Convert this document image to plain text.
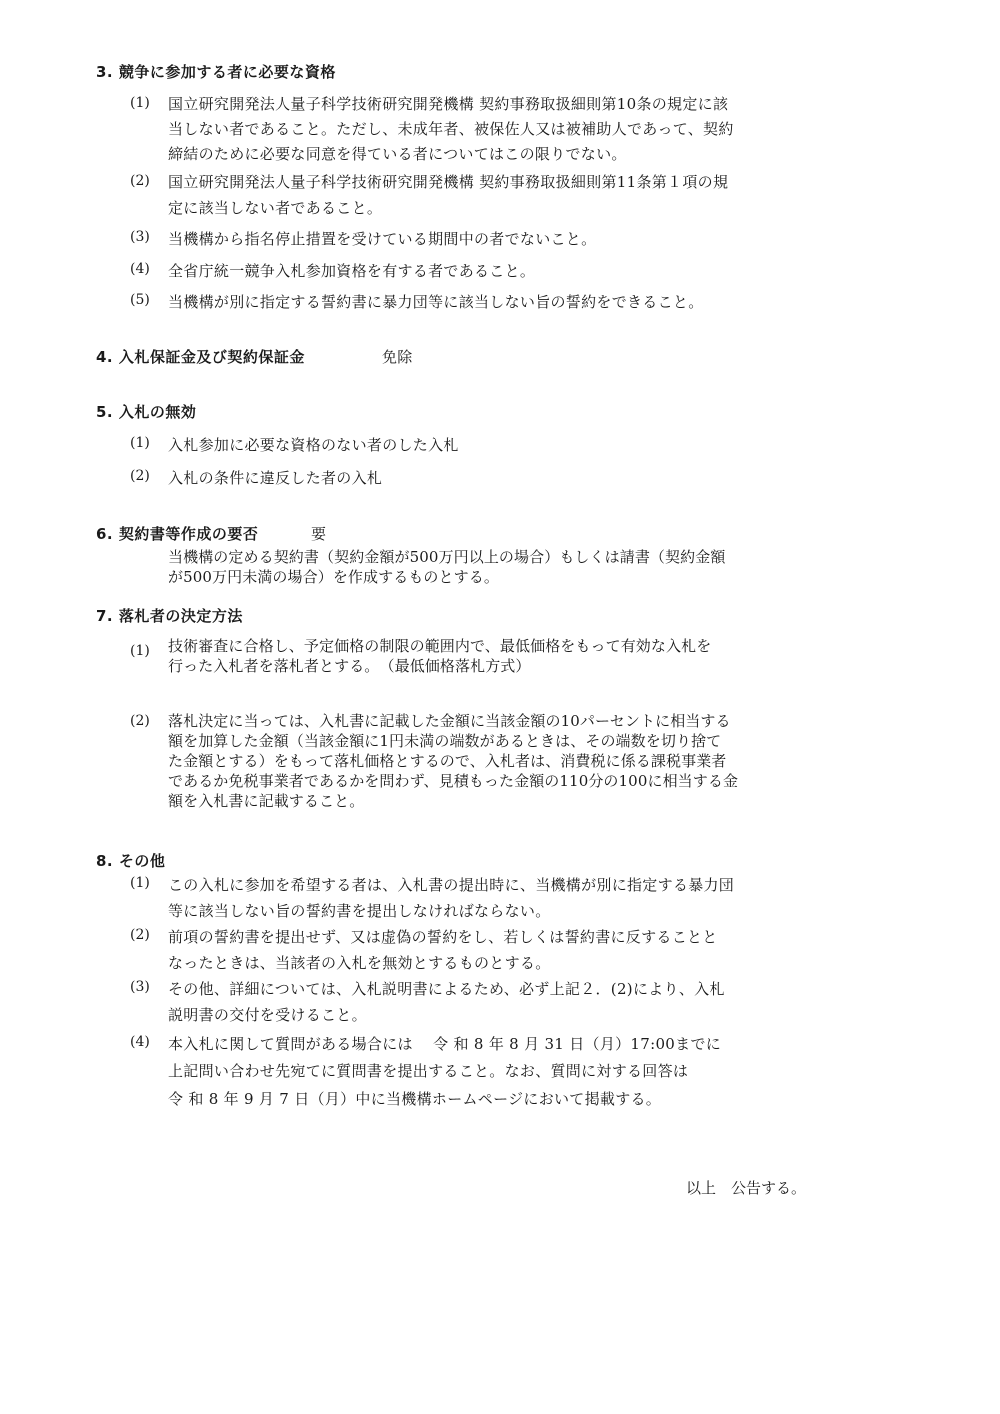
3. 競争に参加する者に必要な資格
(1) 国立研究開発法人量子科学技術研究開発機構 契約事務取扱細則第10条の規定に該
当しない者であること。ただし、未成年者、被保佐人又は被補助人であって、契約
締結のために必要な同意を得ている者についてはこの限りでない。
(2) 国立研究開発法人量子科学技術研究開発機構 契約事務取扱細則第11条第１項の規
定に該当しない者であること。
(3) 当機構から指名停止措置を受けている期間中の者でないこと。
(4) 全省庁統一競争入札参加資格を有する者であること。
(5) 当機構が別に指定する誓約書に暴力団等に該当しない旨の誓約をできること。
4. 入札保証金及び契約保証金	免除
5. 入札の無効
(1) 入札参加に必要な資格のない者のした入札
(2) 入札の条件に違反した者の入札
6. 契約書等作成の要否	要
当機構の定める契約書（契約金額が500万円以上の場合）もしくは請書（契約金額
が500万円未満の場合）を作成するものとする。
7. 落札者の決定方法
(1) 技術審査に合格し、予定価格の制限の範囲内で、最低価格をもって有効な入札を
行った入札者を落札者とする。　（最低価格落札方式）
(2) 落札決定に当っては、入札書に記載した金額に当該金額の10パーセントに相当する
額を加算した金額（当該金額に1円未満の端数があるときは、その端数を切り捨て
た金額とする）をもって落札価格とするので、入札者は、消費税に係る課税事業者
であるか免税事業者であるかを問わず、見積もった金額の110分の100に相当する金
額を入札書に記載すること。
8. その他
(1) この入札に参加を希望する者は、入札書の提出時に、当機構が別に指定する暴力団
等に該当しない旨の誓約書を提出しなければならない。
(2) 前項の誓約書を提出せず、又は虚偽の誓約をし、若しくは誓約書に反することと
なったときは、当該者の入札を無効とするものとする。
(3) その他、詳細については、入札説明書によるため、必ず上記２．(2)により、入札
説明書の交付を受けること。
(4) 本入札に関して質問がある場合には　 令 和 8 年 8 月 31 日（月）17:00までに
上記問い合わせ先宛てに質問書を提出すること。なお、質問に対する回答は
令 和 8 年 9 月 7 日（月）中に当機構ホームページにおいて掲載する。
以上　公告する。
